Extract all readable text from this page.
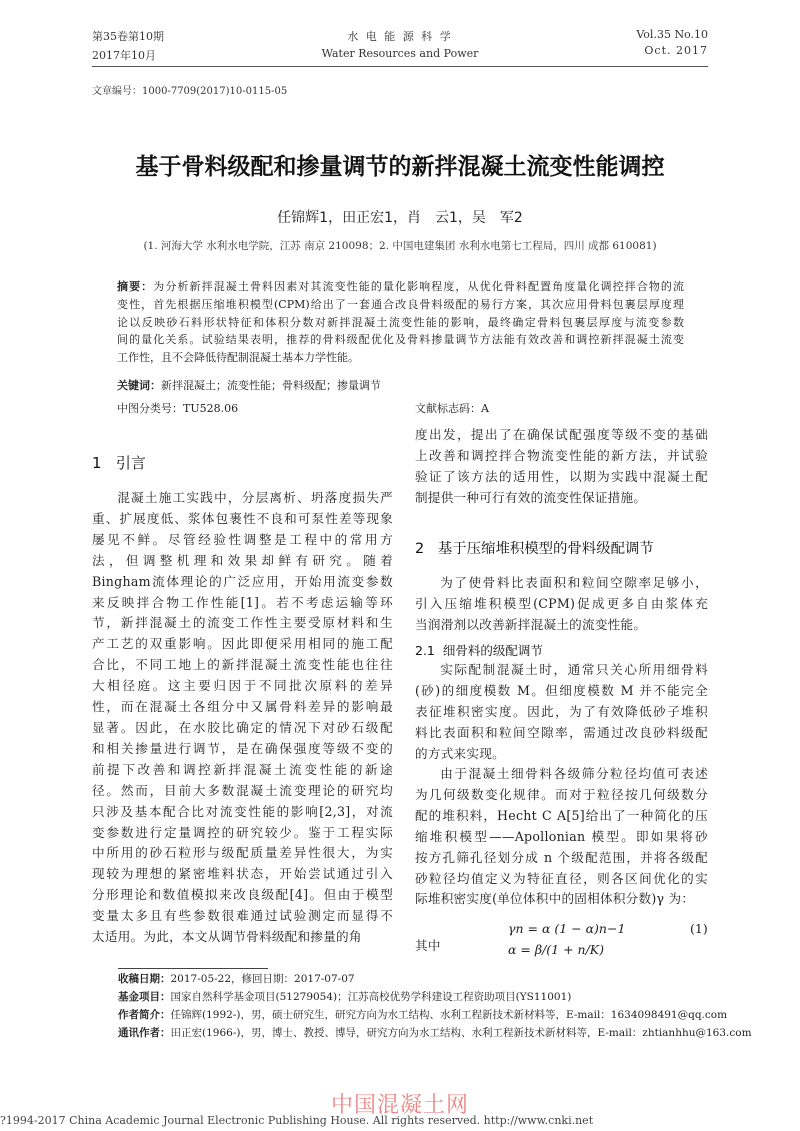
第35卷第10期
2017年10月
水 电 能 源 科 学
Water Resources and Power
Vol.35 No.10
Oct. 2017
文章编号：1000-7709(2017)10-0115-05
基于骨料级配和掺量调节的新拌混凝土流变性能调控
任锦辉1，田正宏1，肖　云1，吴　军2
(1. 河海大学 水利水电学院，江苏 南京 210098；2. 中国电建集团 水利水电第七工程局，四川 成都 610081)
摘要：为分析新拌混凝土骨料因素对其流变性能的量化影响程度，从优化骨料配置角度量化调控拌合物的流
变性，首先根据压缩堆积模型(CPM)给出了一套通合改良骨料级配的易行方案，其次应用骨料包裹层厚度理
论以反映砂石料形状特征和体积分数对新拌混凝土流变性能的影响，最终确定骨料包裹层厚度与流变参数
间的量化关系。试验结果表明，推荐的骨料级配优化及骨料掺量调节方法能有效改善和调控新拌混凝土流变
工作性，且不会降低待配制混凝土基本力学性能。
关键词：新拌混凝土；流变性能；骨料级配；掺量调节
中图分类号：TU528.06	文献标志码：A
1 引言
混凝土施工实践中，分层离析、坍落度损失严
重、扩展度低、浆体包裹性不良和可泵性差等现象
屡见不鲜。尽管经验性调整是工程中的常用方
法，但调整机理和效果却鲜有研究。随着
Bingham流体理论的广泛应用，开始用流变参数
来反映拌合物工作性能[1]。若不考虑运输等环
节，新拌混凝土的流变工作性主要受原材料和生
产工艺的双重影响。因此即便采用相同的施工配
合比，不同工地上的新拌混凝土流变性能也往往
大相径庭。这主要归因于不同批次原料的差异
性，而在混凝土各组分中又属骨料差异的影响最
显著。因此，在水胶比确定的情况下对砂石级配
和相关掺量进行调节，是在确保强度等级不变的
前提下改善和调控新拌混凝土流变性能的新途
径。然而，目前大多数混凝土流变理论的研究均
只涉及基本配合比对流变性能的影响[2,3]，对流
变参数进行定量调控的研究较少。鉴于工程实际
中所用的砂石粒形与级配质量差异性很大，为实
现较为理想的紧密堆料状态，开始尝试通过引入
分形理论和数值模拟来改良级配[4]。但由于模型
变量太多且有些参数很难通过试验测定而显得不
太适用。为此，本文从调节骨料级配和掺量的角
度出发，提出了在确保试配强度等级不变的基础
上改善和调控拌合物流变性能的新方法，并试验
验证了该方法的适用性，以期为实践中混凝土配
制提供一种可行有效的流变性保证措施。
2 基于压缩堆积模型的骨料级配调节
为了使骨料比表面积和粒间空隙率足够小，
引入压缩堆积模型(CPM)促成更多自由浆体充
当润滑剂以改善新拌混凝土的流变性能。
2.1 细骨料的级配调节
实际配制混凝土时，通常只关心所用细骨料
(砂)的细度模数 M。但细度模数 M 并不能完全
表征堆积密实度。因此，为了有效降低砂子堆积
料比表面积和粒间空隙率，需通过改良砂料级配
的方式来实现。
由于混凝土细骨料各级筛分粒径均值可表述
为几何级数变化规律。而对于粒径按几何级数分
配的堆积料，Hecht C A[5]给出了一种简化的压
缩堆积模型——Apollonian 模型。即如果将砂
按方孔筛孔径划分成 n 个级配范围，并将各级配
砂粒径均值定义为特征直径，则各区间优化的实
际堆积密实度(单位体积中的固相体积分数)γ 为：
γn = α (1 − α)n−1	(1)
其中	α = β/(1 + n/K)
收稿日期：2017-05-22，修回日期：2017-07-07
基金项目：国家自然科学基金项目(51279054)；江苏高校优势学科建设工程资助项目(YS11001)
作者简介：任锦辉(1992-)，男，硕士研究生，研究方向为水工结构、水利工程新技术新材料等，E-mail：1634098491@qq.com
通讯作者：田正宏(1966-)，男，博士、教授、博导，研究方向为水工结构、水利工程新技术新材料等，E-mail：zhtianhhu@163.com
?1994-2017 China Academic Journal Electronic Publishing House. All rights reserved. http://www.cnki.net
中国混凝土网
